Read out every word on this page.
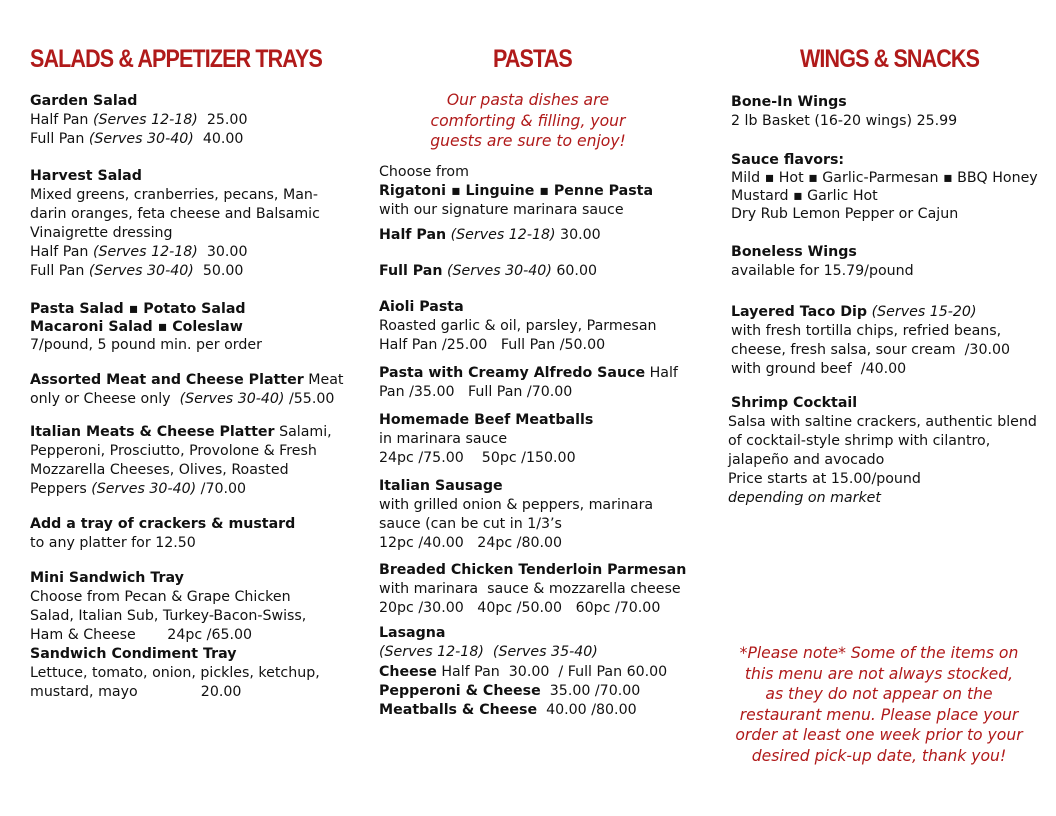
SALADS & APPETIZER TRAYS	PASTAS	WINGS & SNACKS
Garden Salad
Half Pan (Serves 12-18) 25.00
Full Pan (Serves 30-40) 40.00
Harvest Salad
Mixed greens, cranberries, pecans, Man-
darin oranges, feta cheese and Balsamic
Vinaigrette dressing
Half Pan (Serves 12-18) 30.00
Full Pan (Serves 30-40) 50.00
Pasta Salad ▪ Potato Salad
Macaroni Salad ▪ Coleslaw
7/pound, 5 pound min. per order
Assorted Meat and Cheese Platter Meat
only or Cheese only (Serves 30-40) /55.00
Italian Meats & Cheese Platter Salami,
Pepperoni, Prosciutto, Provolone & Fresh
Mozzarella Cheeses, Olives, Roasted
Peppers (Serves 30-40) /70.00
Add a tray of crackers & mustard
to any platter for 12.50
Mini Sandwich Tray
Choose from Pecan & Grape Chicken
Salad, Italian Sub, Turkey-Bacon-Swiss,
Ham & Cheese       24pc /65.00
Sandwich Condiment Tray
Lettuce, tomato, onion, pickles, ketchup,
mustard, mayo              20.00
Our pasta dishes are
comforting & filling, your
guests are sure to enjoy!
Choose from
Rigatoni ▪ Linguine ▪ Penne Pasta
with our signature marinara sauce
Half Pan (Serves 12-18) 30.00
Full Pan (Serves 30-40) 60.00
Aioli Pasta
Roasted garlic & oil, parsley, Parmesan
Half Pan /25.00   Full Pan /50.00
Pasta with Creamy Alfredo Sauce Half
Pan /35.00   Full Pan /70.00
Homemade Beef Meatballs
in marinara sauce
24pc /75.00    50pc /150.00
Italian Sausage
with grilled onion & peppers, marinara
sauce (can be cut in 1/3’s
12pc /40.00   24pc /80.00
Breaded Chicken Tenderloin Parmesan
with marinara  sauce & mozzarella cheese
20pc /30.00   40pc /50.00   60pc /70.00
Lasagna
(Serves 12-18)  (Serves 35-40)
Cheese Half Pan  30.00  / Full Pan 60.00
Pepperoni & Cheese  35.00 /70.00
Meatballs & Cheese  40.00 /80.00
Bone-In Wings
2 lb Basket (16-20 wings) 25.99
Sauce flavors:
Mild ▪ Hot ▪ Garlic-Parmesan ▪ BBQ Honey
Mustard ▪ Garlic Hot
Dry Rub Lemon Pepper or Cajun
Boneless Wings
available for 15.79/pound
Layered Taco Dip (Serves 15-20)
with fresh tortilla chips, refried beans,
cheese, fresh salsa, sour cream  /30.00
with ground beef  /40.00
Shrimp Cocktail
Salsa with saltine crackers, authentic blend
of cocktail-style shrimp with cilantro,
jalapeño and avocado
Price starts at 15.00/pound
depending on market
*Please note* Some of the items on
this menu are not always stocked,
as they do not appear on the
restaurant menu. Please place your
order at least one week prior to your
desired pick-up date, thank you!
